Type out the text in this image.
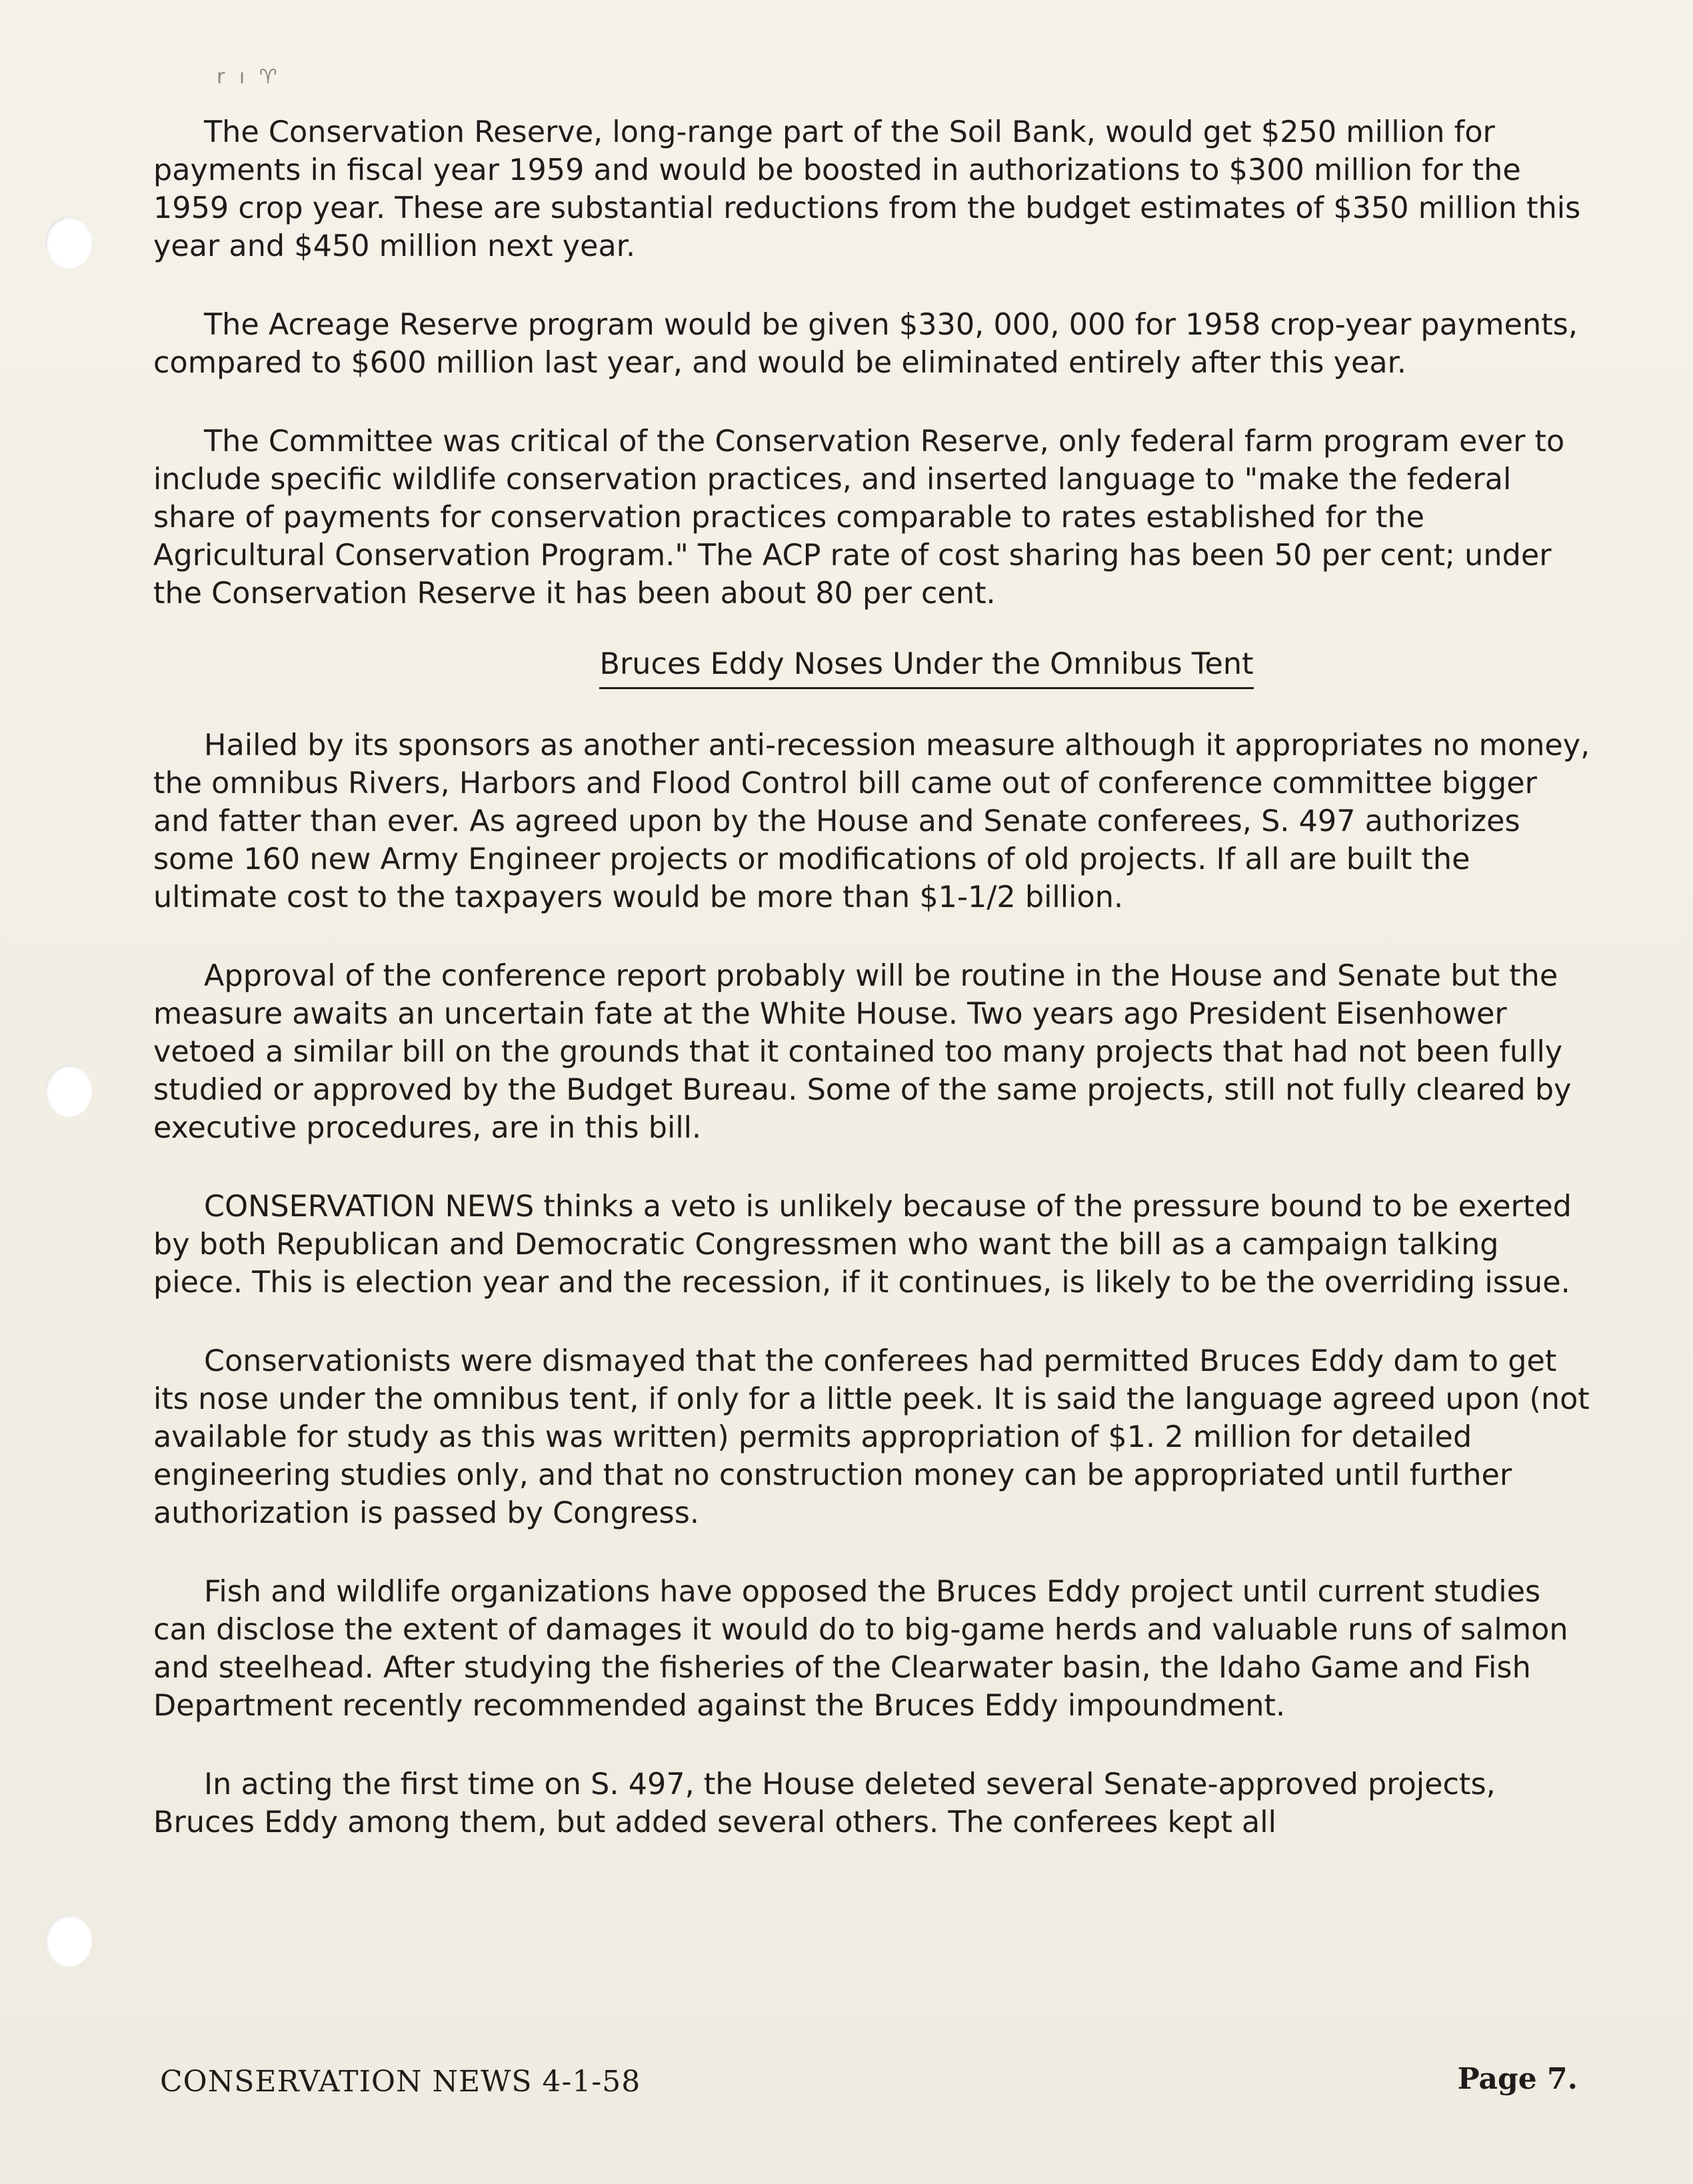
r ı ♈

The Conservation Reserve, long-range part of the Soil Bank, would get $250 million for payments in fiscal year 1959 and would be boosted in authorizations to $300 million for the 1959 crop year. These are substantial reductions from the budget estimates of $350 million this year and $450 million next year.

The Acreage Reserve program would be given $330, 000, 000 for 1958 crop-year payments, compared to $600 million last year, and would be eliminated entirely after this year.

The Committee was critical of the Conservation Reserve, only federal farm program ever to include specific wildlife conservation practices, and inserted language to "make the federal share of payments for conservation practices comparable to rates established for the Agricultural Conservation Program." The ACP rate of cost sharing has been 50 per cent; under the Conservation Reserve it has been about 80 per cent.

Bruces Eddy Noses Under the Omnibus Tent

Hailed by its sponsors as another anti-recession measure although it appropriates no money, the omnibus Rivers, Harbors and Flood Control bill came out of conference committee bigger and fatter than ever. As agreed upon by the House and Senate conferees, S. 497 authorizes some 160 new Army Engineer projects or modifications of old projects. If all are built the ultimate cost to the taxpayers would be more than $1-1/2 billion.

Approval of the conference report probably will be routine in the House and Senate but the measure awaits an uncertain fate at the White House. Two years ago President Eisenhower vetoed a similar bill on the grounds that it contained too many projects that had not been fully studied or approved by the Budget Bureau. Some of the same projects, still not fully cleared by executive procedures, are in this bill.

CONSERVATION NEWS thinks a veto is unlikely because of the pressure bound to be exerted by both Republican and Democratic Congressmen who want the bill as a campaign talking piece. This is election year and the recession, if it continues, is likely to be the overriding issue.

Conservationists were dismayed that the conferees had permitted Bruces Eddy dam to get its nose under the omnibus tent, if only for a little peek. It is said the language agreed upon (not available for study as this was written) permits appropriation of $1. 2 million for detailed engineering studies only, and that no construction money can be appropriated until further authorization is passed by Congress.

Fish and wildlife organizations have opposed the Bruces Eddy project until current studies can disclose the extent of damages it would do to big-game herds and valuable runs of salmon and steelhead. After studying the fisheries of the Clearwater basin, the Idaho Game and Fish Department recently recommended against the Bruces Eddy impoundment.

In acting the first time on S. 497, the House deleted several Senate-approved projects, Bruces Eddy among them, but added several others. The conferees kept all

CONSERVATION NEWS 4-1-58	Page 7.
